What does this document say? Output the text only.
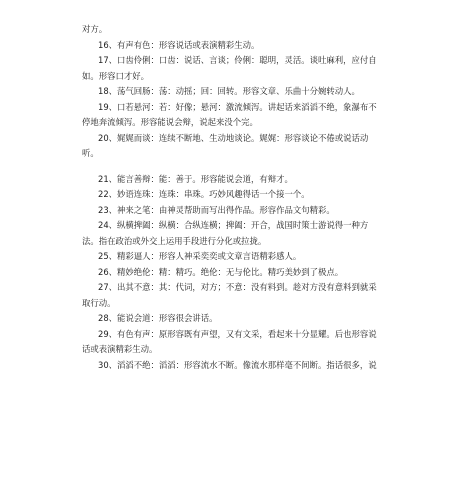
对方。

16、有声有色：形容说话或表演精彩生动。

17、口齿伶俐：口齿：说话、言谈；伶俐：聪明，灵活。谈吐麻利，应付自如。形容口才好。

18、荡气回肠：荡：动摇；回：回转。形容文章、乐曲十分婉转动人。

19、口若悬河：若：好像；悬河：激流倾泻。讲起话来滔滔不绝，象瀑布不停地奔流倾泻。形容能说会辩，说起来没个完。

20、娓娓而谈：连续不断地、生动地谈论。娓娓：形容谈论不倦或说话动听。

21、能言善辩：能：善于。形容能说会道，有辩才。

22、妙语连珠：连珠：串珠。巧妙风趣得话一个接一个。

23、神来之笔：由神灵帮助而写出得作品。形容作品文句精彩。

24、纵横捭阖：纵横：合纵连横；捭阖：开合，战国时策士游说得一种方法。指在政治或外交上运用手段进行分化或拉拢。

25、精彩逼人：形容人神采奕奕或文章言语精彩感人。

26、精妙绝伦：精：精巧。绝伦：无与伦比。精巧美妙到了极点。

27、出其不意：其：代词，对方；不意：没有料到。趁对方没有意料到就采取行动。

28、能说会道：形容很会讲话。

29、有色有声：原形容既有声望，又有文采，看起来十分显耀。后也形容说话或表演精彩生动。

30、滔滔不绝：滔滔：形容流水不断。像流水那样毫不间断。指话很多，说
